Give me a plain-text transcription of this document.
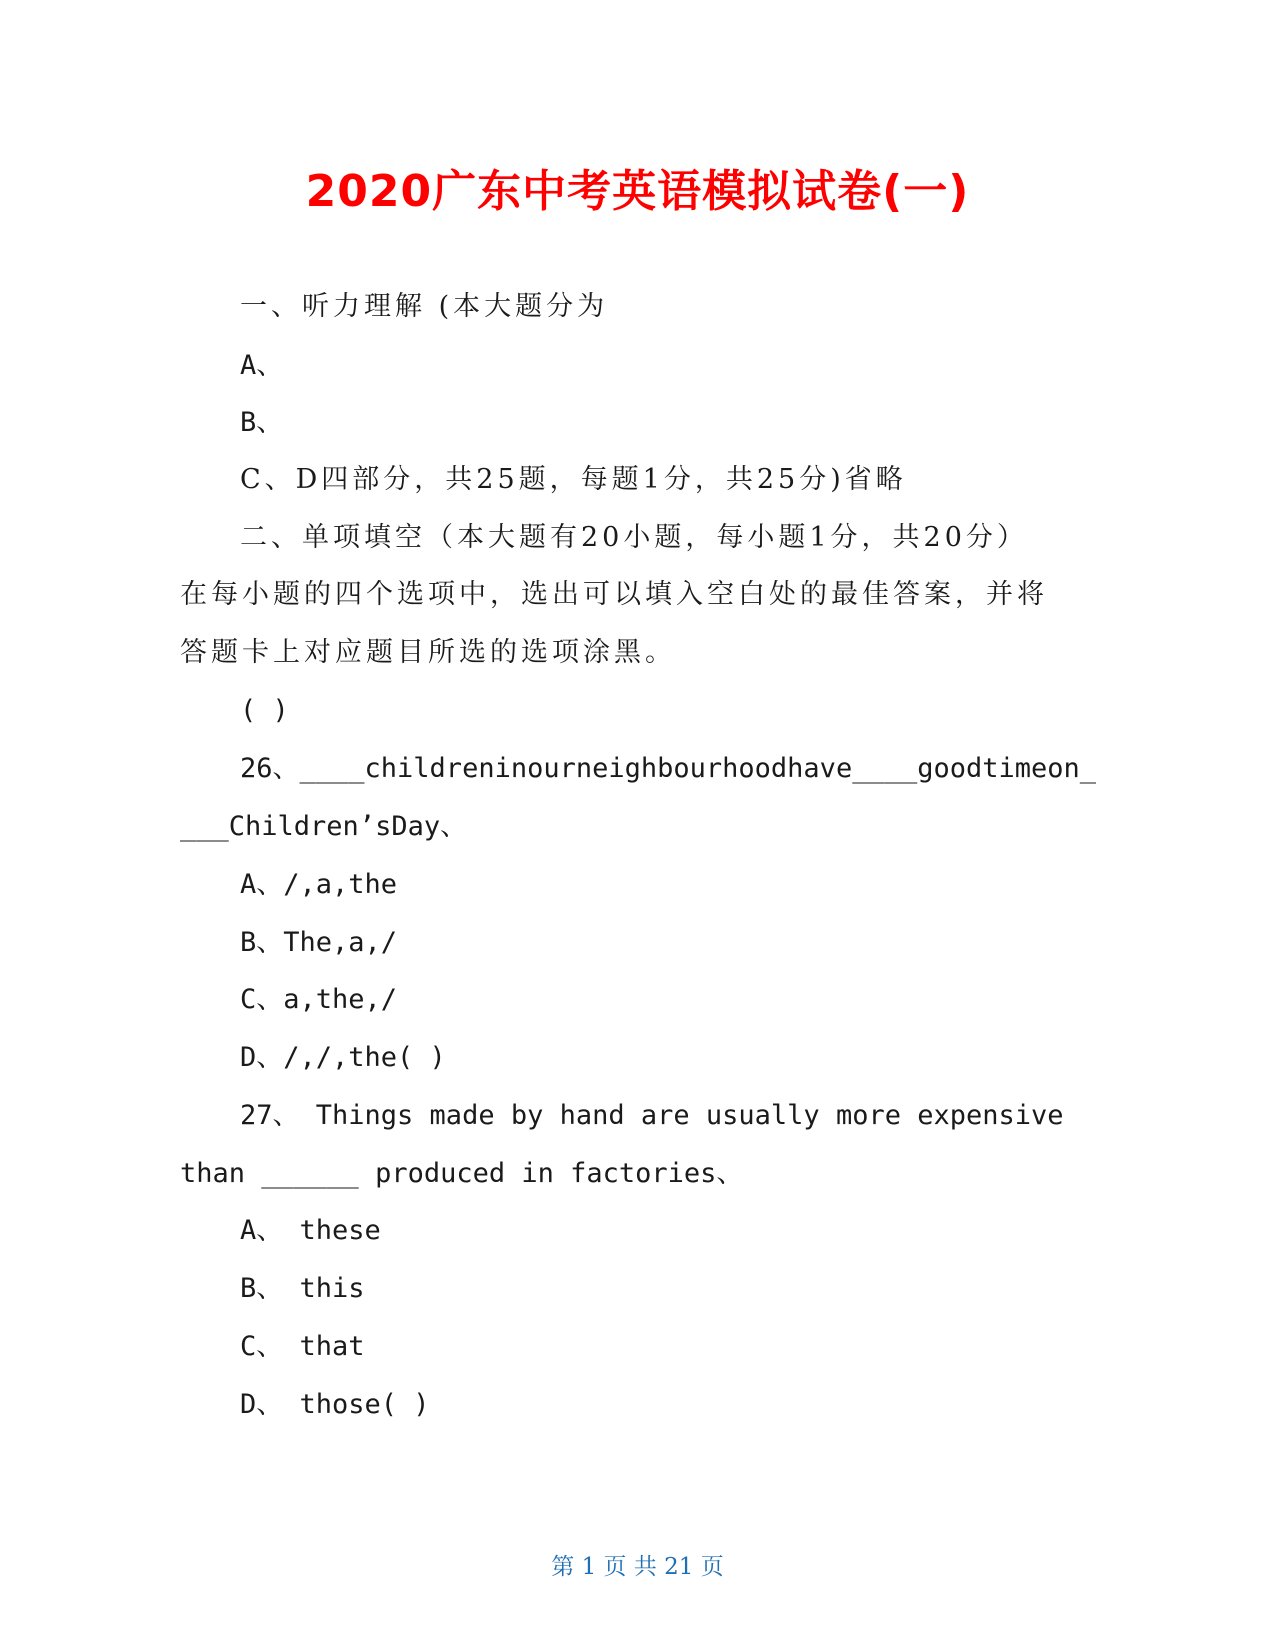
2020广东中考英语模拟试卷(一)
一、听力理解 (本大题分为
A、
B、
C、D四部分，共25题，每题1分，共25分)省略
二、单项填空（本大题有20小题，每小题1分，共20分）
在每小题的四个选项中，选出可以填入空白处的最佳答案，并将
答题卡上对应题目所选的选项涂黑。
( )
26、____childreninourneighbourhoodhave____goodtimeon_
___Children’sDay、
A、/,a,the
B、The,a,/
C、a,the,/
D、/,/,the( )
27、 Things made by hand are usually more expensive
than ______ produced in factories、
A、 these
B、 this
C、 that
D、 those( )
第 1 页 共 21 页
